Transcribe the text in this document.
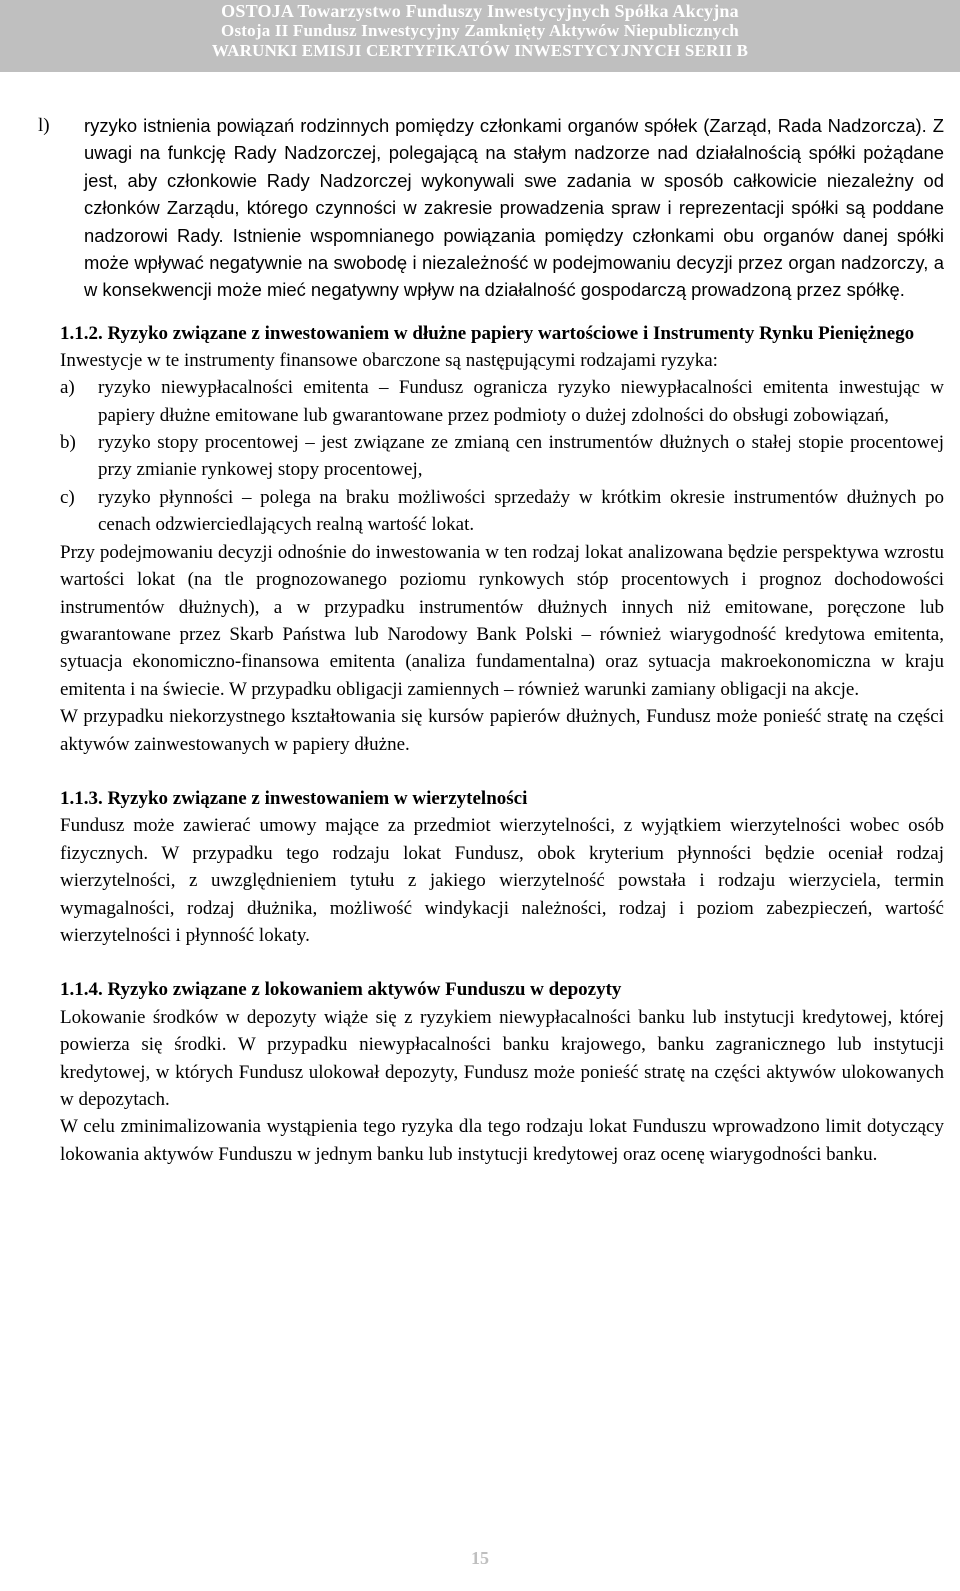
OSTOJA Towarzystwo Funduszy Inwestycyjnych Spółka Akcyjna
Ostoja II Fundusz Inwestycyjny Zamknięty Aktywów Niepublicznych
WARUNKI EMISJI CERTYFIKATÓW INWESTYCYJNYCH SERII B
l)	ryzyko istnienia powiązań rodzinnych pomiędzy członkami organów spółek (Zarząd, Rada Nadzorcza). Z uwagi na funkcję Rady Nadzorczej, polegającą na stałym nadzorze nad działalnością spółki pożądane jest, aby członkowie Rady Nadzorczej wykonywali swe zadania w sposób całkowicie niezależny od członków Zarządu, którego czynności w zakresie prowadzenia spraw i reprezentacji spółki są poddane nadzorowi Rady. Istnienie wspomnianego powiązania pomiędzy członkami obu organów danej spółki może wpływać negatywnie na swobodę i niezależność w podejmowaniu decyzji przez organ nadzorczy, a w konsekwencji może mieć negatywny wpływ na działalność gospodarczą prowadzoną przez spółkę.

1.1.2. Ryzyko związane z inwestowaniem w dłużne papiery wartościowe i Instrumenty Rynku Pieniężnego

Inwestycje w te instrumenty finansowe obarczone są następującymi rodzajami ryzyka:

a)	ryzyko niewypłacalności emitenta – Fundusz ogranicza ryzyko niewypłacalności emitenta inwestując w papiery dłużne emitowane lub gwarantowane przez podmioty o dużej zdolności do obsługi zobowiązań,

b)	ryzyko stopy procentowej – jest związane ze zmianą cen instrumentów dłużnych o stałej stopie procentowej przy zmianie rynkowej stopy procentowej,

c)	ryzyko płynności – polega na braku możliwości sprzedaży w krótkim okresie instrumentów dłużnych po cenach odzwierciedlających realną wartość lokat.

Przy podejmowaniu decyzji odnośnie do inwestowania w ten rodzaj lokat analizowana będzie perspektywa wzrostu wartości lokat (na tle prognozowanego poziomu rynkowych stóp procentowych i prognoz dochodowości instrumentów dłużnych), a w przypadku instrumentów dłużnych innych niż emitowane, poręczone lub gwarantowane przez Skarb Państwa lub Narodowy Bank Polski – również wiarygodność kredytowa emitenta, sytuacja ekonomiczno-finansowa emitenta (analiza fundamentalna) oraz sytuacja makroekonomiczna w kraju emitenta i na świecie. W przypadku obligacji zamiennych – również warunki zamiany obligacji na akcje.

W przypadku niekorzystnego kształtowania się kursów papierów dłużnych, Fundusz może ponieść stratę na części aktywów zainwestowanych w papiery dłużne.

1.1.3. Ryzyko związane z inwestowaniem w wierzytelności

Fundusz może zawierać umowy mające za przedmiot wierzytelności, z wyjątkiem wierzytelności wobec osób fizycznych. W przypadku tego rodzaju lokat Fundusz, obok kryterium płynności będzie oceniał rodzaj wierzytelności, z uwzględnieniem tytułu z jakiego wierzytelność powstała i rodzaju wierzyciela, termin wymagalności, rodzaj dłużnika, możliwość windykacji należności, rodzaj i poziom zabezpieczeń, wartość wierzytelności i płynność lokaty.

1.1.4. Ryzyko związane z lokowaniem aktywów Funduszu w depozyty

Lokowanie środków w depozyty wiąże się z ryzykiem niewypłacalności banku lub instytucji kredytowej, której powierza się środki. W przypadku niewypłacalności banku krajowego, banku zagranicznego lub instytucji kredytowej, w których Fundusz ulokował depozyty, Fundusz może ponieść stratę na części aktywów ulokowanych w depozytach.

W celu zminimalizowania wystąpienia tego ryzyka dla tego rodzaju lokat Funduszu wprowadzono limit dotyczący lokowania aktywów Funduszu w jednym banku lub instytucji kredytowej oraz ocenę wiarygodności banku.

15
